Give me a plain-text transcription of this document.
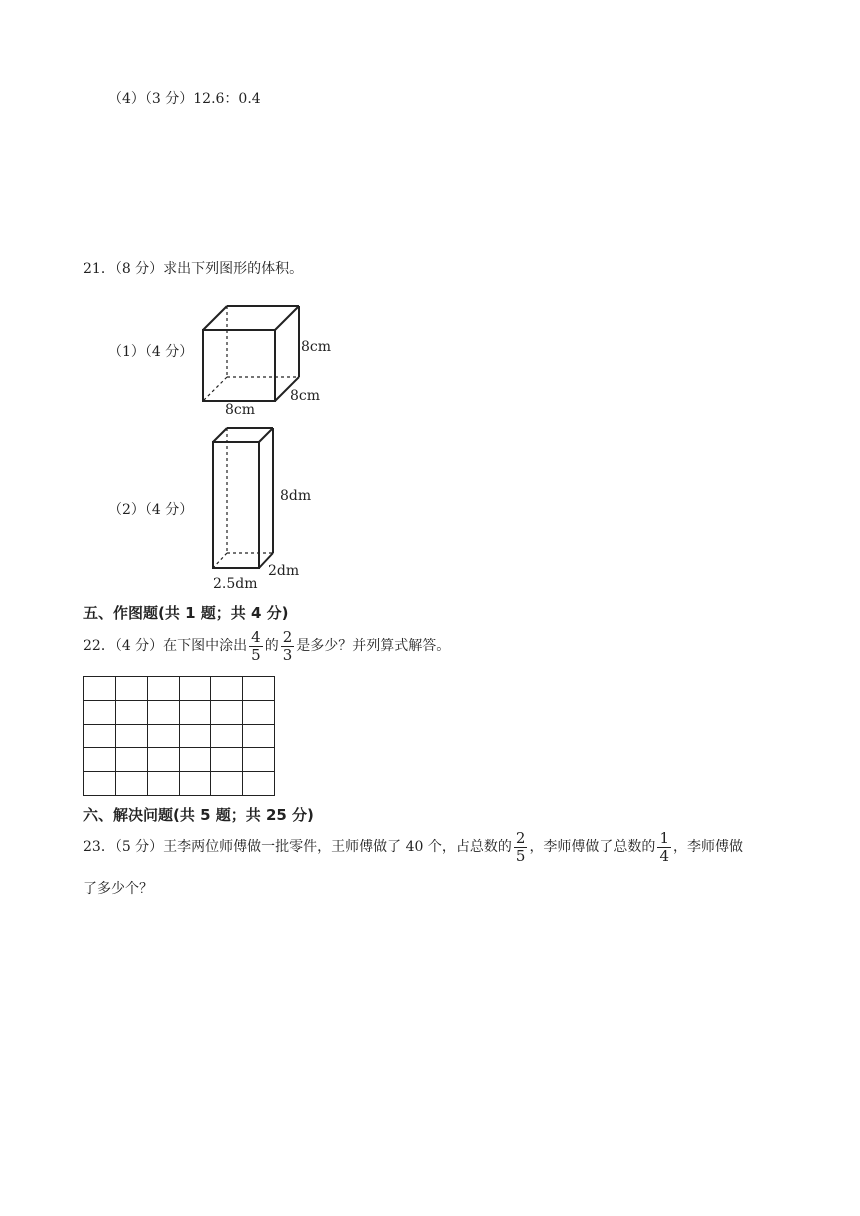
（4）（3 分）12.6：0.4
21．（8 分）求出下列图形的体积。
（1）（4 分）	8cm
8cm
8cm
（2）（4 分）
8dm
2dm
2.5dm
五、作图题(共 1 题；共 4 分)
22．（4 分）在下图中涂出 $\frac{4}{5}$ 的 $\frac{2}{3}$ 是多少？并列算式解答。
六、解决问题(共 5 题；共 25 分)
23．（5 分）王李两位师傅做一批零件，王师傅做了 40 个，占总数的 $\frac{2}{5}$ ，李师傅做了总数的 $\frac{1}{4}$ ，李师傅做
了多少个？
